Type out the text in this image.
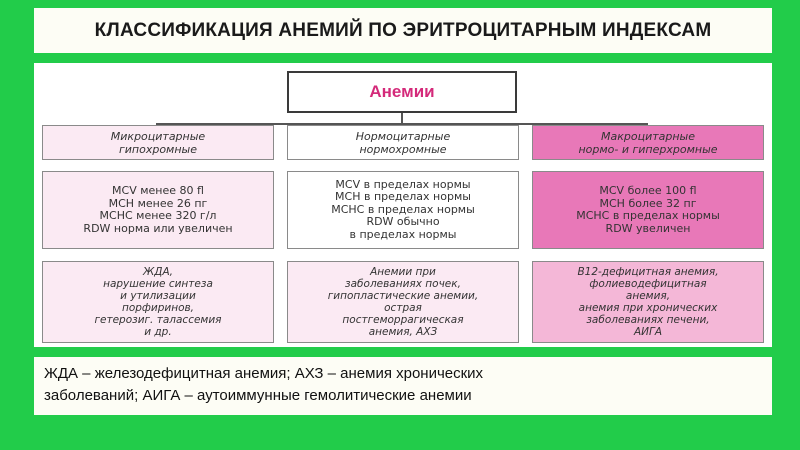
КЛАССИФИКАЦИЯ АНЕМИЙ ПО ЭРИТРОЦИТАРНЫМ ИНДЕКСАМ
Анемии
Микроцитарные
гипохромные
MCV менее 80 fl
MCH менее 26 пг
MCHC менее 320 г/л
RDW норма или увеличен
ЖДА,
нарушение синтеза
и утилизации
порфиринов,
гетерозиг. талассемия
и др.
Нормоцитарные
нормохромные
MCV в пределах нормы
MCH в пределах нормы
MCHC в пределах нормы
RDW обычно
в пределах нормы
Анемии при
заболеваниях почек,
гипопластические анемии,
острая
постгеморрагическая
анемия, АХЗ
Макроцитарные
нормо- и гиперхромные
MCV более 100 fl
MCH более 32 пг
MCHC в пределах нормы
RDW увеличен
B12-дефицитная анемия,
фолиеводефицитная
анемия,
анемия при хронических
заболеваниях печени,
АИГА
ЖДА – железодефицитная анемия; АХЗ – анемия хронических
заболеваний; АИГА – аутоиммунные гемолитические анемии
